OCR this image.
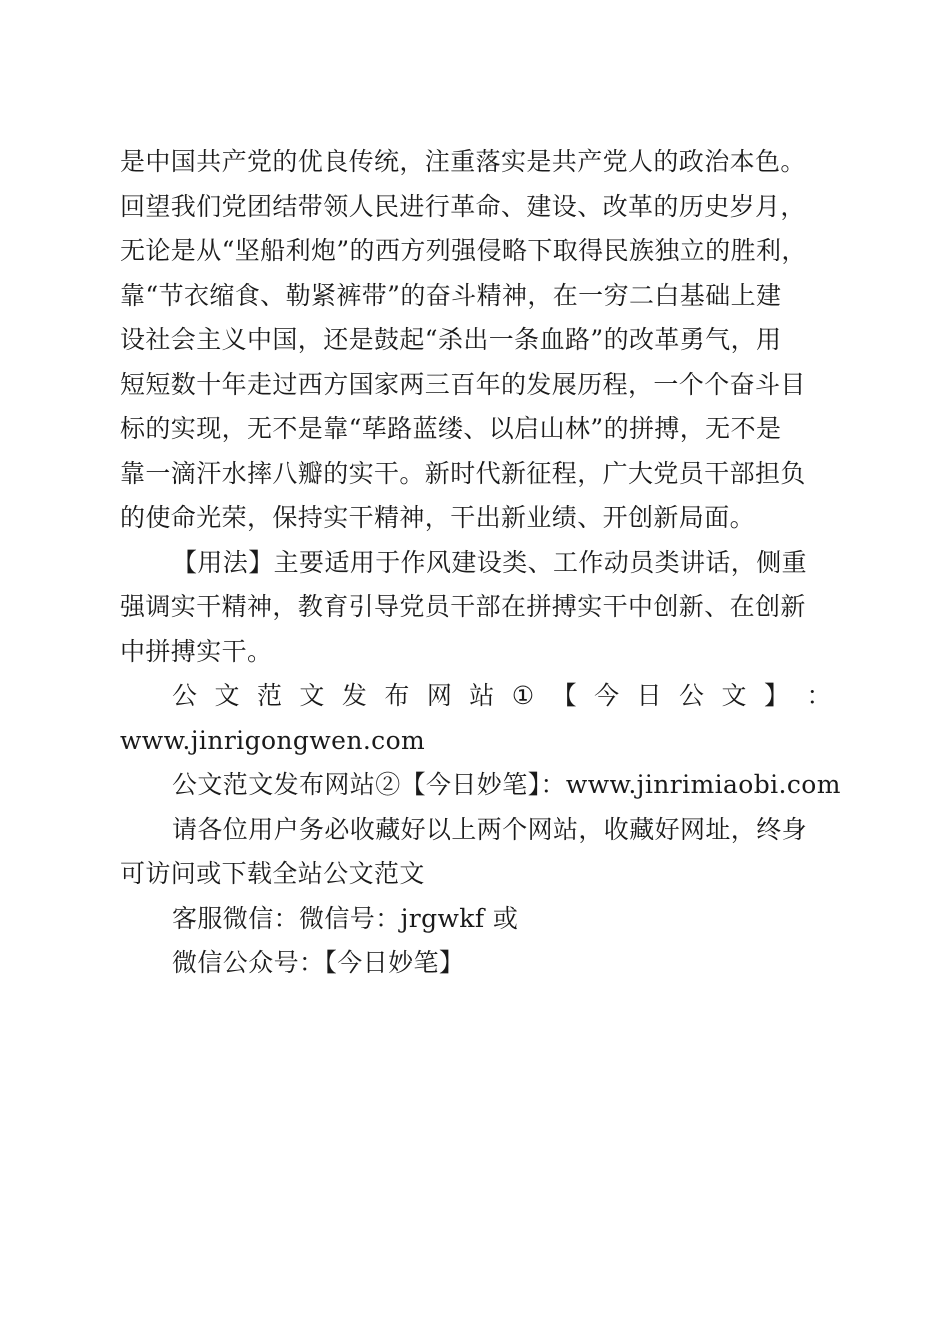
是中国共产党的优良传统，注重落实是共产党人的政治本色。
回望我们党团结带领人民进行革命、建设、改革的历史岁月，
无论是从“坚船利炮”的西方列强侵略下取得民族独立的胜利，
靠“节衣缩食、勒紧裤带”的奋斗精神，在一穷二白基础上建
设社会主义中国，还是鼓起“杀出一条血路”的改革勇气，用
短短数十年走过西方国家两三百年的发展历程，一个个奋斗目
标的实现，无不是靠“荜路蓝缕、以启山林”的拼搏，无不是
靠一滴汗水摔八瓣的实干。新时代新征程，广大党员干部担负
的使命光荣，保持实干精神，干出新业绩、开创新局面。
【用法】主要适用于作风建设类、工作动员类讲话，侧重
强调实干精神，教育引导党员干部在拼搏实干中创新、在创新
中拼搏实干。
公 文 范 文 发 布 网 站 ① 【 今 日 公 文 】 ：
www.jinrigongwen.com
公文范文发布网站②【今日妙笔】：www.jinrimiaobi.com
请各位用户务必收藏好以上两个网站，收藏好网址，终身
可访问或下载全站公文范文
客服微信：微信号：jrgwkf 或
微信公众号：【今日妙笔】
